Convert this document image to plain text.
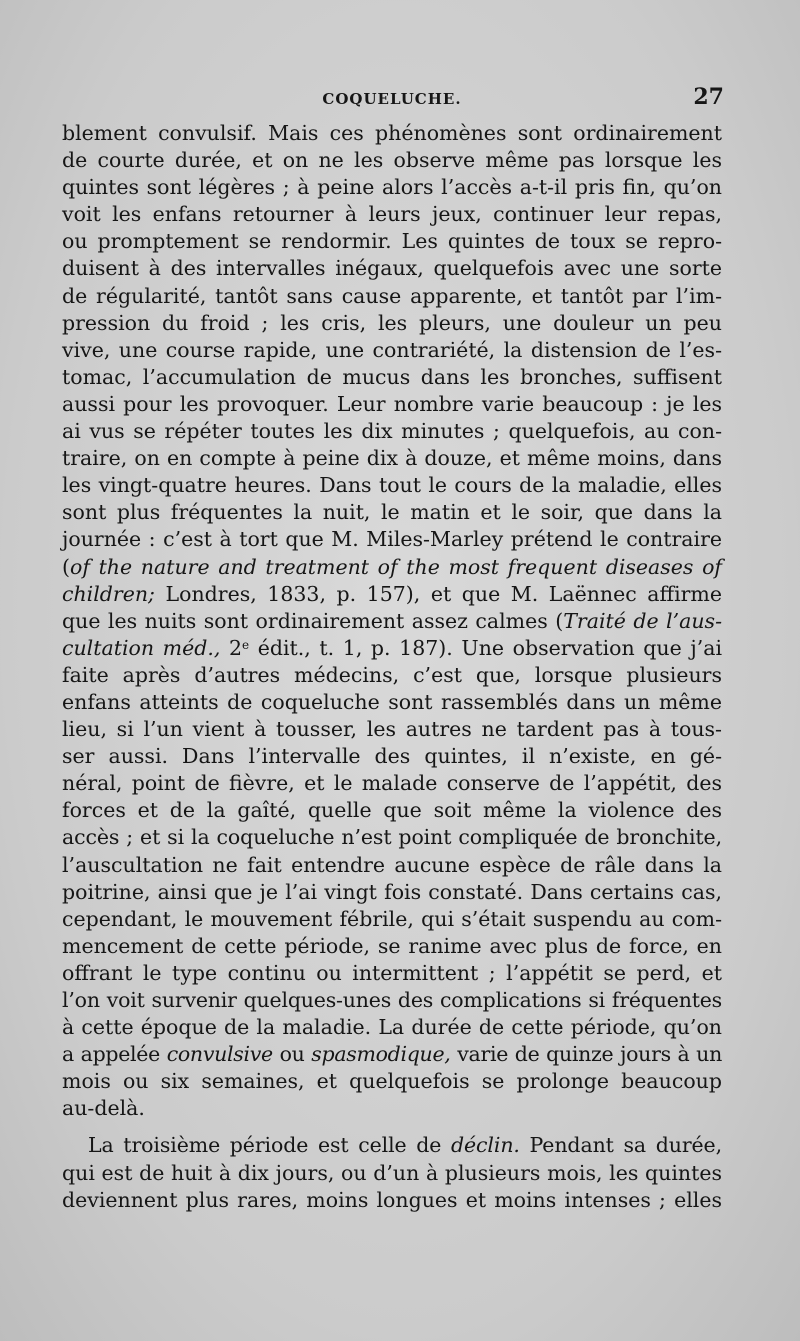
COQUELUCHE.	27

blement convulsif. Mais ces phénomènes sont ordinairement
de courte durée, et on ne les observe même pas lorsque les
quintes sont légères ; à peine alors l’accès a-t-il pris fin, qu’on
voit les enfans retourner à leurs jeux, continuer leur repas,
ou promptement se rendormir. Les quintes de toux se repro-
duisent à des intervalles inégaux, quelquefois avec une sorte
de régularité, tantôt sans cause apparente, et tantôt par l’im-
pression du froid ; les cris, les pleurs, une douleur un peu
vive, une course rapide, une contrariété, la distension de l’es-
tomac, l’accumulation de mucus dans les bronches, suffisent
aussi pour les provoquer. Leur nombre varie beaucoup : je les
ai vus se répéter toutes les dix minutes ; quelquefois, au con-
traire, on en compte à peine dix à douze, et même moins, dans
les vingt-quatre heures. Dans tout le cours de la maladie, elles
sont plus fréquentes la nuit, le matin et le soir, que dans la
journée : c’est à tort que M. Miles-Marley prétend le contraire
(of the nature and treatment of the most frequent diseases of
children; Londres, 1833, p. 157), et que M. Laënnec affirme
que les nuits sont ordinairement assez calmes (Traité de l’aus-
cultation méd., 2e édit., t. 1, p. 187). Une observation que j’ai
faite après d’autres médecins, c’est que, lorsque plusieurs
enfans atteints de coqueluche sont rassemblés dans un même
lieu, si l’un vient à tousser, les autres ne tardent pas à tous-
ser aussi. Dans l’intervalle des quintes, il n’existe, en gé-
néral, point de fièvre, et le malade conserve de l’appétit, des
forces et de la gaîté, quelle que soit même la violence des
accès ; et si la coqueluche n’est point compliquée de bronchite,
l’auscultation ne fait entendre aucune espèce de râle dans la
poitrine, ainsi que je l’ai vingt fois constaté. Dans certains cas,
cependant, le mouvement fébrile, qui s’était suspendu au com-
mencement de cette période, se ranime avec plus de force, en
offrant le type continu ou intermittent ; l’appétit se perd, et
l’on voit survenir quelques-unes des complications si fréquentes
à cette époque de la maladie. La durée de cette période, qu’on
a appelée convulsive ou spasmodique, varie de quinze jours à un
mois ou six semaines, et quelquefois se prolonge beaucoup
au-delà.

La troisième période est celle de déclin. Pendant sa durée,
qui est de huit à dix jours, ou d’un à plusieurs mois, les quintes
deviennent plus rares, moins longues et moins intenses ; elles
